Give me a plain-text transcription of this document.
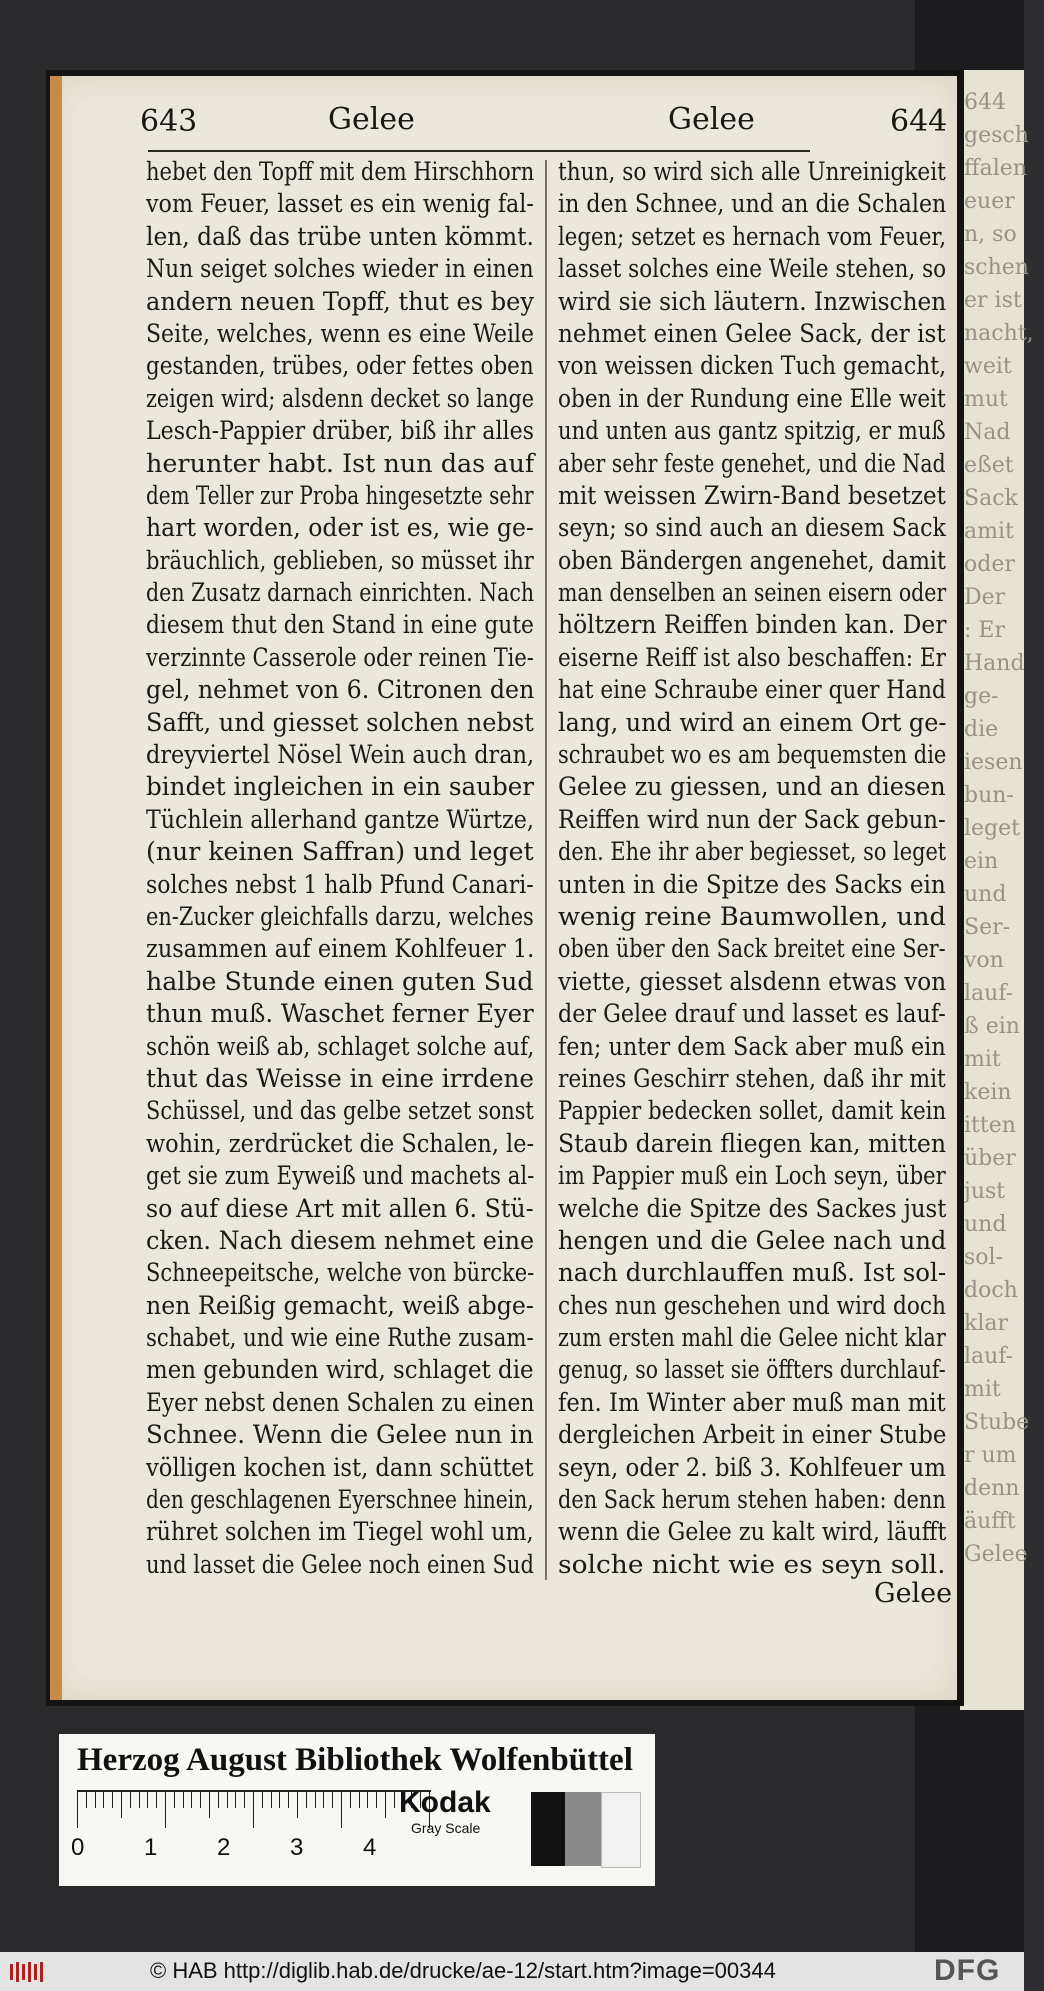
644
gesch
ffalen
euer
n, so
schen
er ist
nacht,
weit
mut
Nad
eßet
Sack
amit
oder
Der
: Er
Hand
ge-
die
iesen
bun-
leget
ein
und
Ser-
von
lauf-
ß ein
mit
kein
itten
über
just
und
sol-
doch
klar
lauf-
mit
Stube
r um
denn
äufft
Gelee
643	Gelee	Gelee	644
hebet den Topff mit dem Hirschhorn
vom Feuer, lasset es ein wenig fal-
len, daß das trübe unten kömmt.
Nun seiget solches wieder in einen
andern neuen Topff, thut es bey
Seite, welches, wenn es eine Weile
gestanden, trübes, oder fettes oben
zeigen wird; alsdenn decket so lange
Lesch-Pappier drüber, biß ihr alles
herunter habt. Ist nun das auf
dem Teller zur Proba hingesetzte sehr
hart worden, oder ist es, wie ge-
bräuchlich, geblieben, so müsset ihr
den Zusatz darnach einrichten. Nach
diesem thut den Stand in eine gute
verzinnte Casserole oder reinen Tie-
gel, nehmet von 6. Citronen den
Safft, und giesset solchen nebst
dreyviertel Nösel Wein auch dran,
bindet ingleichen in ein sauber
Tüchlein allerhand gantze Würtze,
(nur keinen Saffran) und leget
solches nebst 1 halb Pfund Canari-
en-Zucker gleichfalls darzu, welches
zusammen auf einem Kohlfeuer 1.
halbe Stunde einen guten Sud
thun muß. Waschet ferner Eyer
schön weiß ab, schlaget solche auf,
thut das Weisse in eine irrdene
Schüssel, und das gelbe setzet sonst
wohin, zerdrücket die Schalen, le-
get sie zum Eyweiß und machets al-
so auf diese Art mit allen 6. Stü-
cken. Nach diesem nehmet eine
Schneepeitsche, welche von bürcke-
nen Reißig gemacht, weiß abge-
schabet, und wie eine Ruthe zusam-
men gebunden wird, schlaget die
Eyer nebst denen Schalen zu einen
Schnee. Wenn die Gelee nun in
völligen kochen ist, dann schüttet
den geschlagenen Eyerschnee hinein,
rühret solchen im Tiegel wohl um,
und lasset die Gelee noch einen Sud
thun, so wird sich alle Unreinigkeit
in den Schnee, und an die Schalen
legen; setzet es hernach vom Feuer,
lasset solches eine Weile stehen, so
wird sie sich läutern. Inzwischen
nehmet einen Gelee Sack, der ist
von weissen dicken Tuch gemacht,
oben in der Rundung eine Elle weit
und unten aus gantz spitzig, er muß
aber sehr feste genehet, und die Nad
mit weissen Zwirn-Band besetzet
seyn; so sind auch an diesem Sack
oben Bändergen angenehet, damit
man denselben an seinen eisern oder
höltzern Reiffen binden kan. Der
eiserne Reiff ist also beschaffen: Er
hat eine Schraube einer quer Hand
lang, und wird an einem Ort ge-
schraubet wo es am bequemsten die
Gelee zu giessen, und an diesen
Reiffen wird nun der Sack gebun-
den. Ehe ihr aber begiesset, so leget
unten in die Spitze des Sacks ein
wenig reine Baumwollen, und
oben über den Sack breitet eine Ser-
viette, giesset alsdenn etwas von
der Gelee drauf und lasset es lauf-
fen; unter dem Sack aber muß ein
reines Geschirr stehen, daß ihr mit
Pappier bedecken sollet, damit kein
Staub darein fliegen kan, mitten
im Pappier muß ein Loch seyn, über
welche die Spitze des Sackes just
hengen und die Gelee nach und
nach durchlauffen muß. Ist sol-
ches nun geschehen und wird doch
zum ersten mahl die Gelee nicht klar
genug, so lasset sie öffters durchlauf-
fen. Im Winter aber muß man mit
dergleichen Arbeit in einer Stube
seyn, oder 2. biß 3. Kohlfeuer um
den Sack herum stehen haben: denn
wenn die Gelee zu kalt wird, läufft
solche nicht wie es seyn soll.
Gelee
Herzog August Bibliothek Wolfenbüttel
0 1 2 3 4
Kodak
Gray Scale
© HAB http://diglib.hab.de/drucke/ae-12/start.htm?image=00344	DFG
